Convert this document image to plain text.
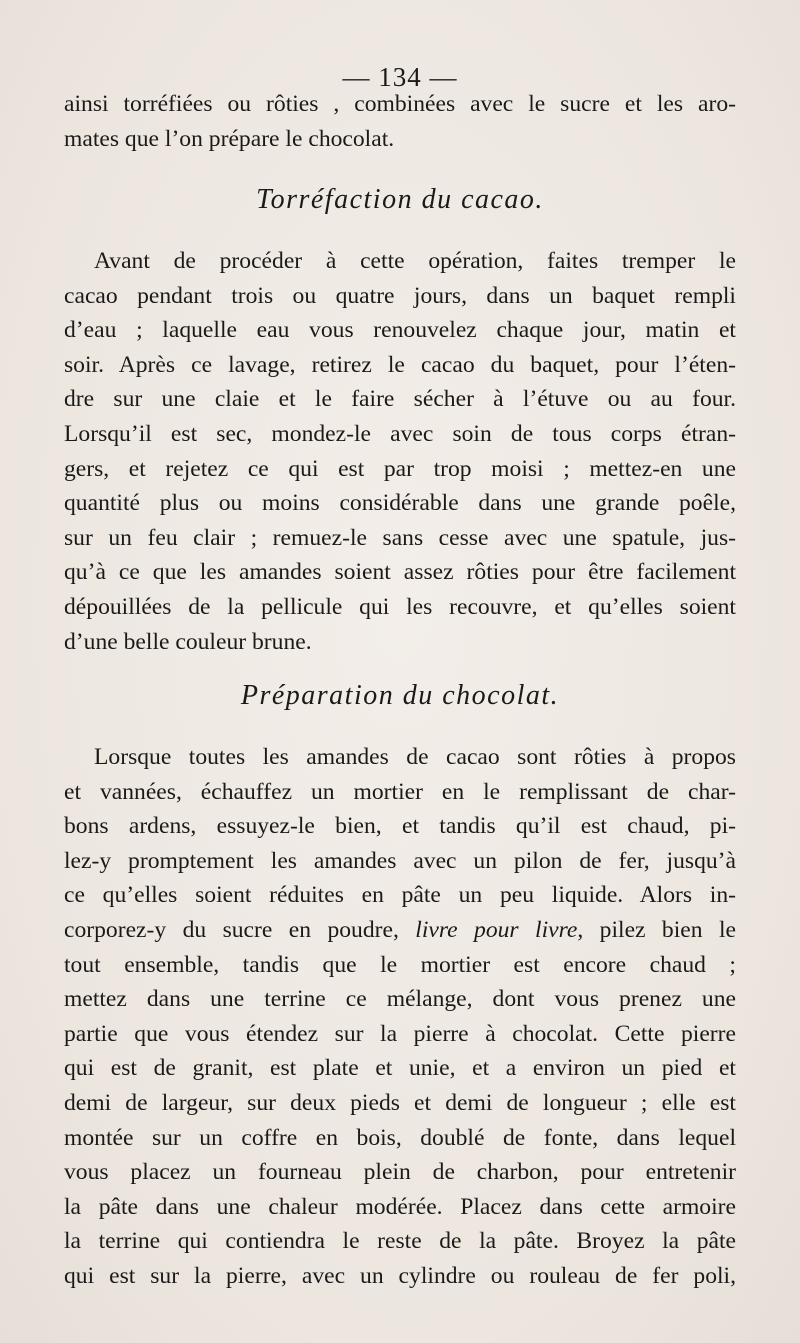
— 134 —
ainsi torréfiées ou rôties , combinées avec le sucre et les aro-
mates que l’on prépare le chocolat.
Torréfaction du cacao.
Avant de procéder à cette opération, faites tremper le
cacao pendant trois ou quatre jours, dans un baquet rempli
d’eau ; laquelle eau vous renouvelez chaque jour, matin et
soir. Après ce lavage, retirez le cacao du baquet, pour l’éten-
dre sur une claie et le faire sécher à l’étuve ou au four.
Lorsqu’il est sec, mondez-le avec soin de tous corps étran-
gers, et rejetez ce qui est par trop moisi ; mettez-en une
quantité plus ou moins considérable dans une grande poêle,
sur un feu clair ; remuez-le sans cesse avec une spatule, jus-
qu’à ce que les amandes soient assez rôties pour être facilement
dépouillées de la pellicule qui les recouvre, et qu’elles soient
d’une belle couleur brune.
Préparation du chocolat.
Lorsque toutes les amandes de cacao sont rôties à propos
et vannées, échauffez un mortier en le remplissant de char-
bons ardens, essuyez-le bien, et tandis qu’il est chaud, pi-
lez-y promptement les amandes avec un pilon de fer, jusqu’à
ce qu’elles soient réduites en pâte un peu liquide. Alors in-
corporez-y du sucre en poudre, livre pour livre, pilez bien le
tout ensemble, tandis que le mortier est encore chaud ;
mettez dans une terrine ce mélange, dont vous prenez une
partie que vous étendez sur la pierre à chocolat. Cette pierre
qui est de granit, est plate et unie, et a environ un pied et
demi de largeur, sur deux pieds et demi de longueur ; elle est
montée sur un coffre en bois, doublé de fonte, dans lequel
vous placez un fourneau plein de charbon, pour entretenir
la pâte dans une chaleur modérée. Placez dans cette armoire
la terrine qui contiendra le reste de la pâte. Broyez la pâte
qui est sur la pierre, avec un cylindre ou rouleau de fer poli,
